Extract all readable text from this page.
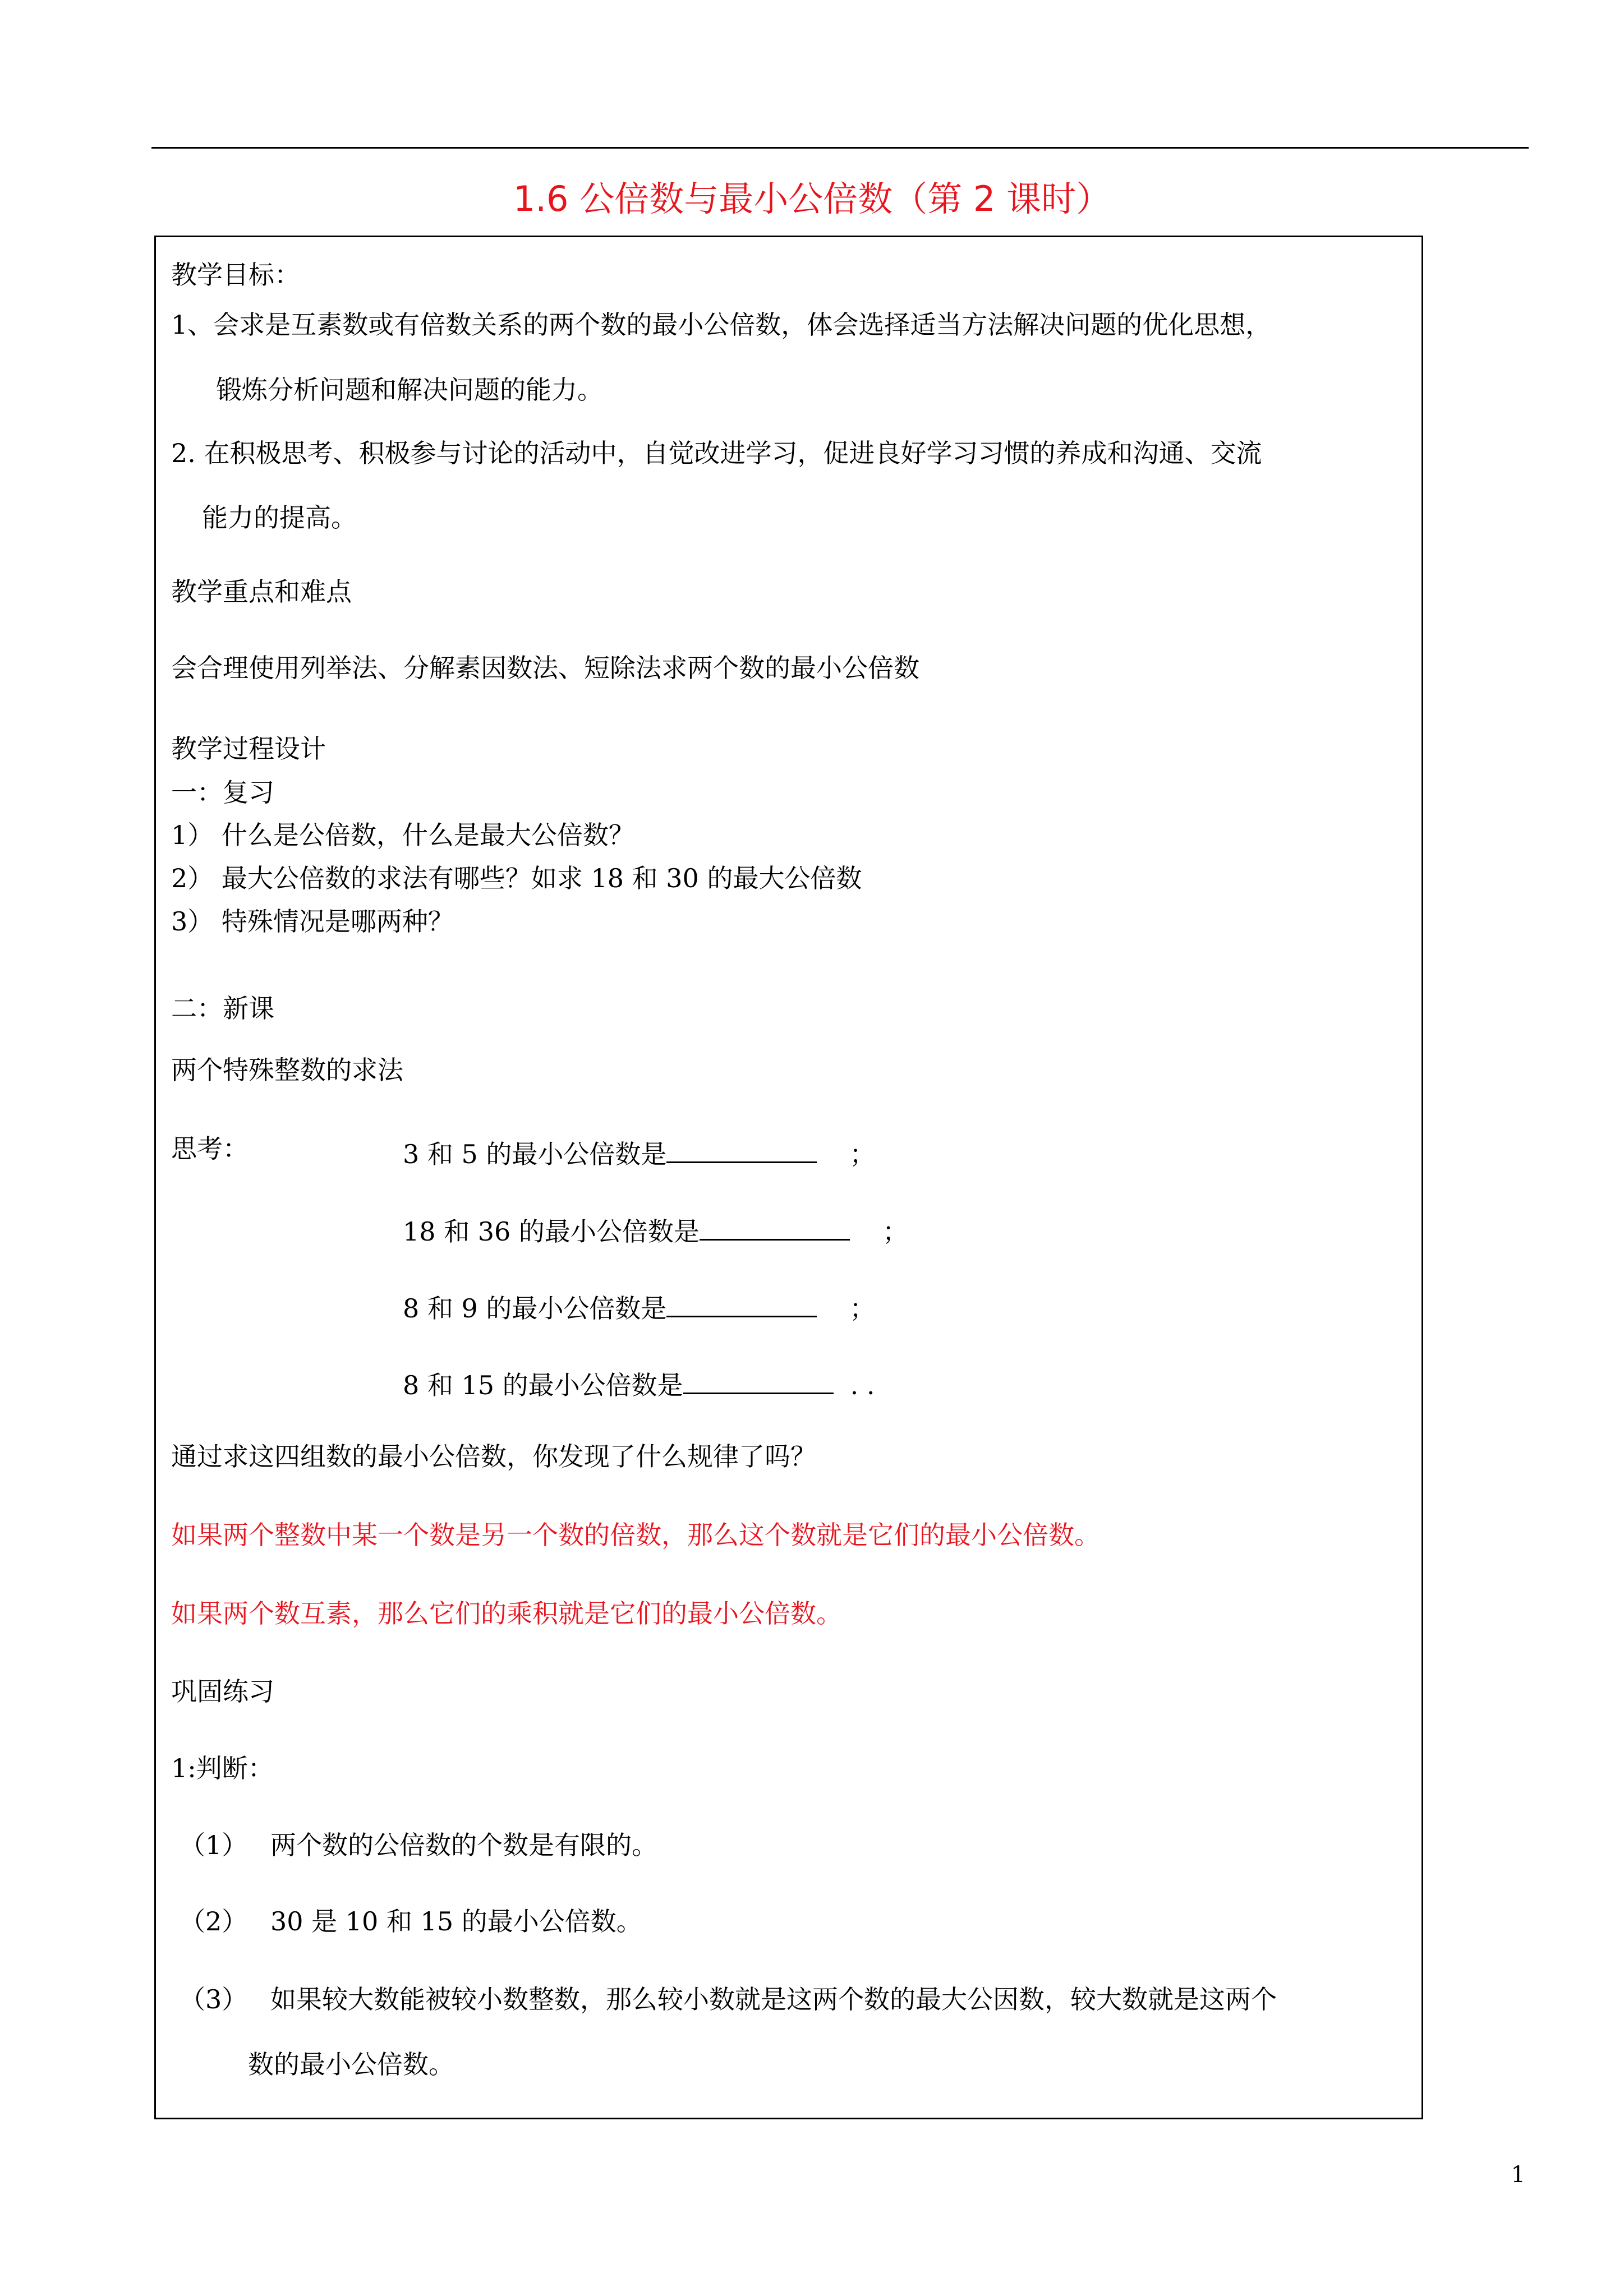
1.6 公倍数与最小公倍数（第 2 课时）
教学目标：
1、会求是互素数或有倍数关系的两个数的最小公倍数，体会选择适当方法解决问题的优化思想，
锻炼分析问题和解决问题的能力。
2. 在积极思考、积极参与讨论的活动中，自觉改进学习，促进良好学习习惯的养成和沟通、交流
能力的提高。
教学重点和难点
会合理使用列举法、分解素因数法、短除法求两个数的最小公倍数
教学过程设计
一：复习
1） 什么是公倍数，什么是最大公倍数？
2） 最大公倍数的求法有哪些？如求 18 和 30 的最大公倍数
3） 特殊情况是哪两种？
二：新课
两个特殊整数的求法
思考：	3 和 5 的最小公倍数是	；
18 和 36 的最小公倍数是	；
8 和 9 的最小公倍数是	；
8 和 15 的最小公倍数是	. .
通过求这四组数的最小公倍数，你发现了什么规律了吗？
如果两个整数中某一个数是另一个数的倍数，那么这个数就是它们的最小公倍数。
如果两个数互素，那么它们的乘积就是它们的最小公倍数。
巩固练习
1:判断：
（1） 两个数的公倍数的个数是有限的。
（2） 30 是 10 和 15 的最小公倍数。
（3） 如果较大数能被较小数整数，那么较小数就是这两个数的最大公因数，较大数就是这两个
数的最小公倍数。
1
